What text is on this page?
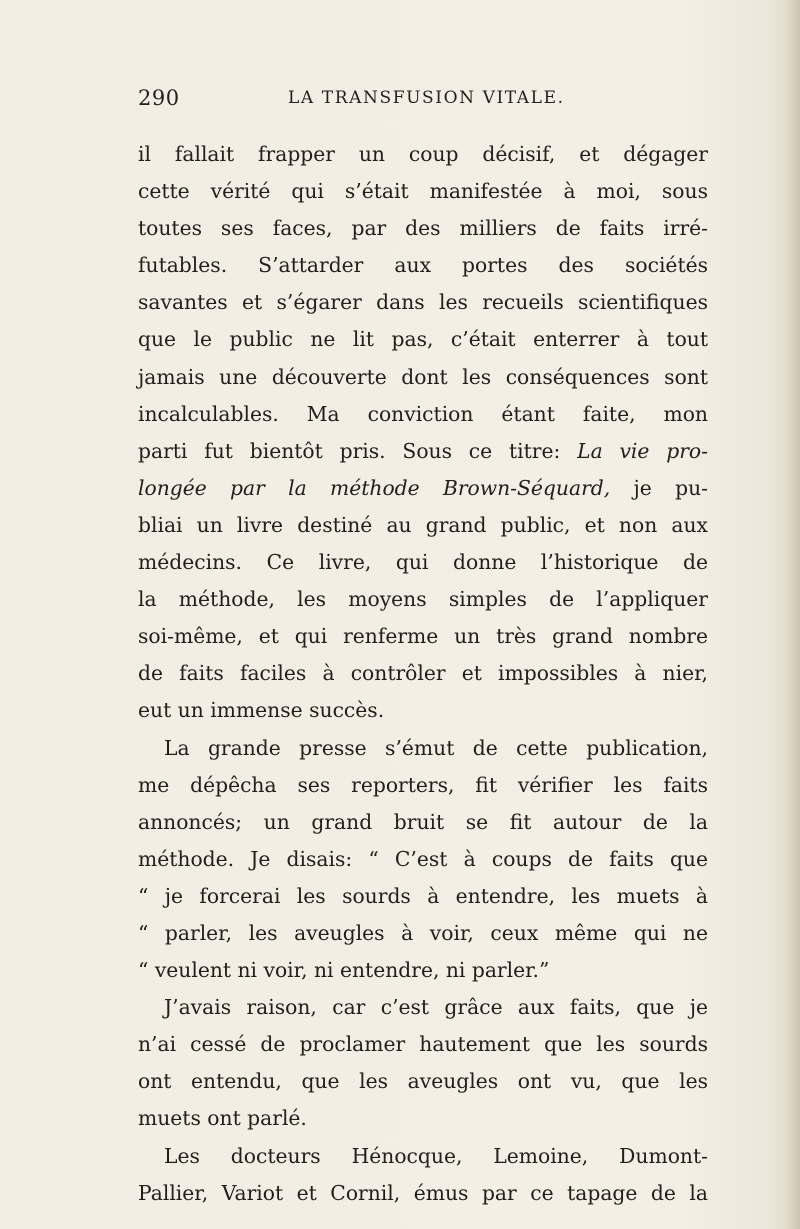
290	LA TRANSFUSION VITALE.
il fallait frapper un coup décisif, et dégager
cette vérité qui s’était manifestée à moi, sous
toutes ses faces, par des milliers de faits irré-
futables. S’attarder aux portes des sociétés
savantes et s’égarer dans les recueils scientifiques
que le public ne lit pas, c’était enterrer à tout
jamais une découverte dont les conséquences sont
incalculables. Ma conviction étant faite, mon
parti fut bientôt pris. Sous ce titre: La vie pro-
longée par la méthode Brown-Séquard, je pu-
bliai un livre destiné au grand public, et non aux
médecins. Ce livre, qui donne l’historique de
la méthode, les moyens simples de l’appliquer
soi-même, et qui renferme un très grand nombre
de faits faciles à contrôler et impossibles à nier,
eut un immense succès.
La grande presse s’émut de cette publication,
me dépêcha ses reporters, fit vérifier les faits
annoncés; un grand bruit se fit autour de la
méthode. Je disais: “ C’est à coups de faits que
“ je forcerai les sourds à entendre, les muets à
“ parler, les aveugles à voir, ceux même qui ne
“ veulent ni voir, ni entendre, ni parler.”
J’avais raison, car c’est grâce aux faits, que je
n’ai cessé de proclamer hautement que les sourds
ont entendu, que les aveugles ont vu, que les
muets ont parlé.
Les docteurs Hénocque, Lemoine, Dumont-
Pallier, Variot et Cornil, émus par ce tapage de la
